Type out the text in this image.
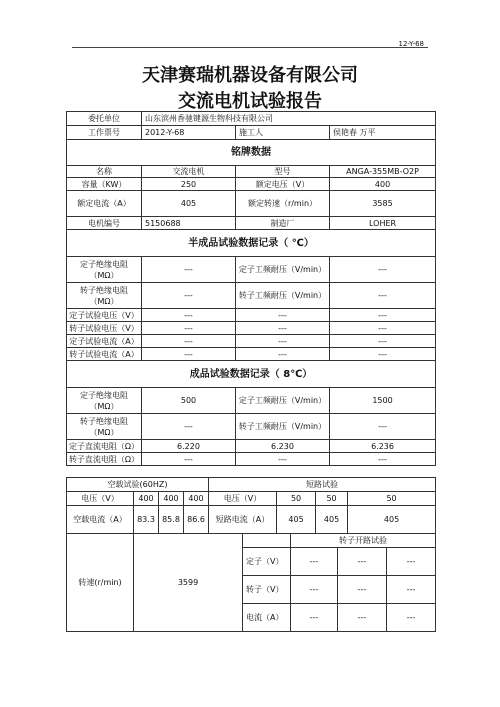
12-Y-68
天津赛瑞机器设备有限公司
交流电机试验报告
委托单位	山东滨州香驰键源生物科技有限公司		
工作票号	2012-Y-68	施工人	侯艳春 万平
铭牌数据			
名称	交流电机	型号	ANGA-355MB-O2P
容量（KW）	250	额定电压（V）	400
额定电流（A）	405	额定转速（r/min）	3585
电机编号	5150688	制造厂	LOHER
半成品试验数据记录（ ℃）			
定子绝缘电阻（MΩ）	---	定子工频耐压（V/min）	---
转子绝缘电阻（MΩ）	---	转子工频耐压（V/min）	---
定子试验电压（V）	---	---	---
转子试验电压（V）	---	---	---
定子试验电流（A）	---	---	---
转子试验电流（A）	---	---	---
成品试验数据记录（ 8℃）			
定子绝缘电阻（MΩ）	500	定子工频耐压（V/min）	1500
转子绝缘电阻（MΩ）	---	转子工频耐压（V/min）	---
定子直流电阻（Ω）	6.220	6.230	6.236
转子直流电阻（Ω）	---	---	---
空载试验(60HZ)				短路试验			
电压（V）	400	400	400	电压（V）	50	50	50
空载电流（A）	83.3	85.8	86.6	短路电流（A）	405	405	405
转速(r/min)	3599		转子开路试验		
		定子（V）	---	---	---
		转子（V）	---	---	---
		电流（A）	---	---	---
